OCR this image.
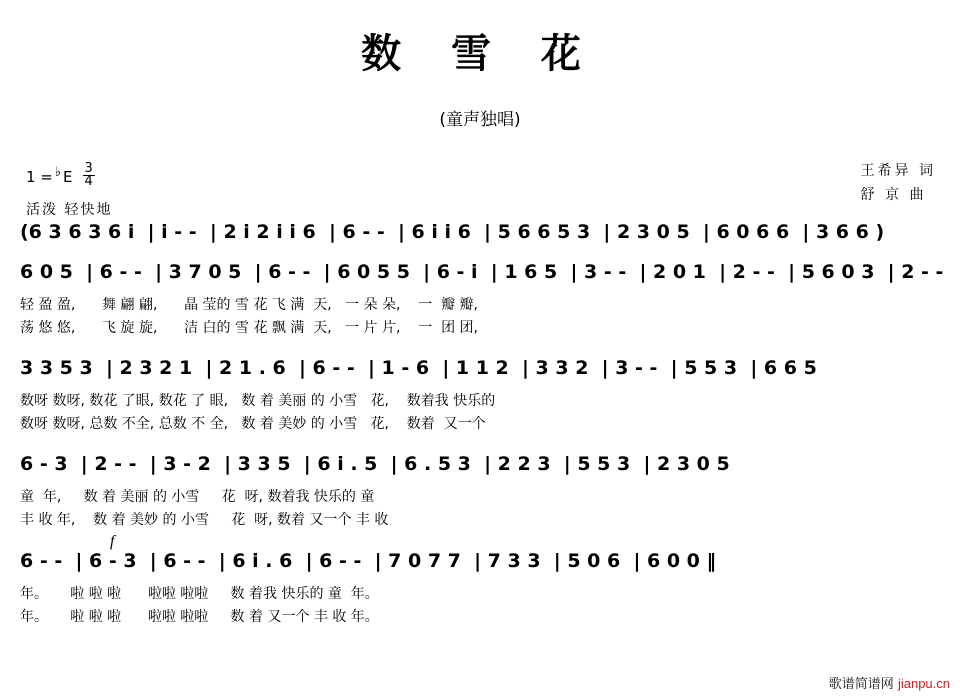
数 雪 花
(童声独唱)
1 = ♭ E $\frac{3}{4}$
活泼 轻快地
王希异 词
舒 京 曲
(6 3 6 3 6 i  | i - -  | 2 i 2 i i 6  | 6 - -  | 6 i i 6  | 5 6 6 5 3  | 2 3 0 5  | 6 0 6 6  | 3 6 6 )
6 0 5  | 6 - -  | 3 7 0 5  | 6 - -  | 6 0 5 5  | 6 - i  | 1 6 5  | 3 - -  | 2 0 1  | 2 - -  | 5 6 0 3  | 2 - -
轻 盈 盈,      舞 翩 翩,      晶 莹的 雪 花 飞 满  天,   一 朵 朵,    一  瓣 瓣,
荡 悠 悠,      飞 旋 旋,      洁 白的 雪 花 飘 满  天,   一 片 片,    一  团 团,
3 3 5 3  | 2 3 2 1  | 2 1 . 6  | 6 - -  | 1 - 6  | 1 1 2  | 3 3 2  | 3 - -  | 5 5 3  | 6 6 5
数呀 数呀, 数花 了眼, 数花 了 眼,   数 着 美丽 的 小雪   花,    数着我 快乐的
数呀 数呀, 总数 不全, 总数 不 全,   数 着 美妙 的 小雪   花,    数着  又一个
6 - 3  | 2 - -  | 3 - 2  | 3 3 5  | 6 i . 5  | 6 . 5 3  | 2 2 3  | 5 5 3  | 2 3 0 5
童  年,     数 着 美丽 的 小雪     花  呀, 数着我 快乐的 童
丰 收 年,    数 着 美妙 的 小雪     花  呀, 数着 又一个 丰 收
f
6 - -  | 6 - 3  | 6 - -  | 6 i . 6  | 6 - -  | 7 0 7 7  | 7 3 3  | 5 0 6  | 6 0 0 ‖
年。     啦 啦 啦      啦啦 啦啦     数 着我 快乐的 童  年。
年。     啦 啦 啦      啦啦 啦啦     数 着 又一个 丰 收 年。
歌谱简谱网 jianpu.cn
